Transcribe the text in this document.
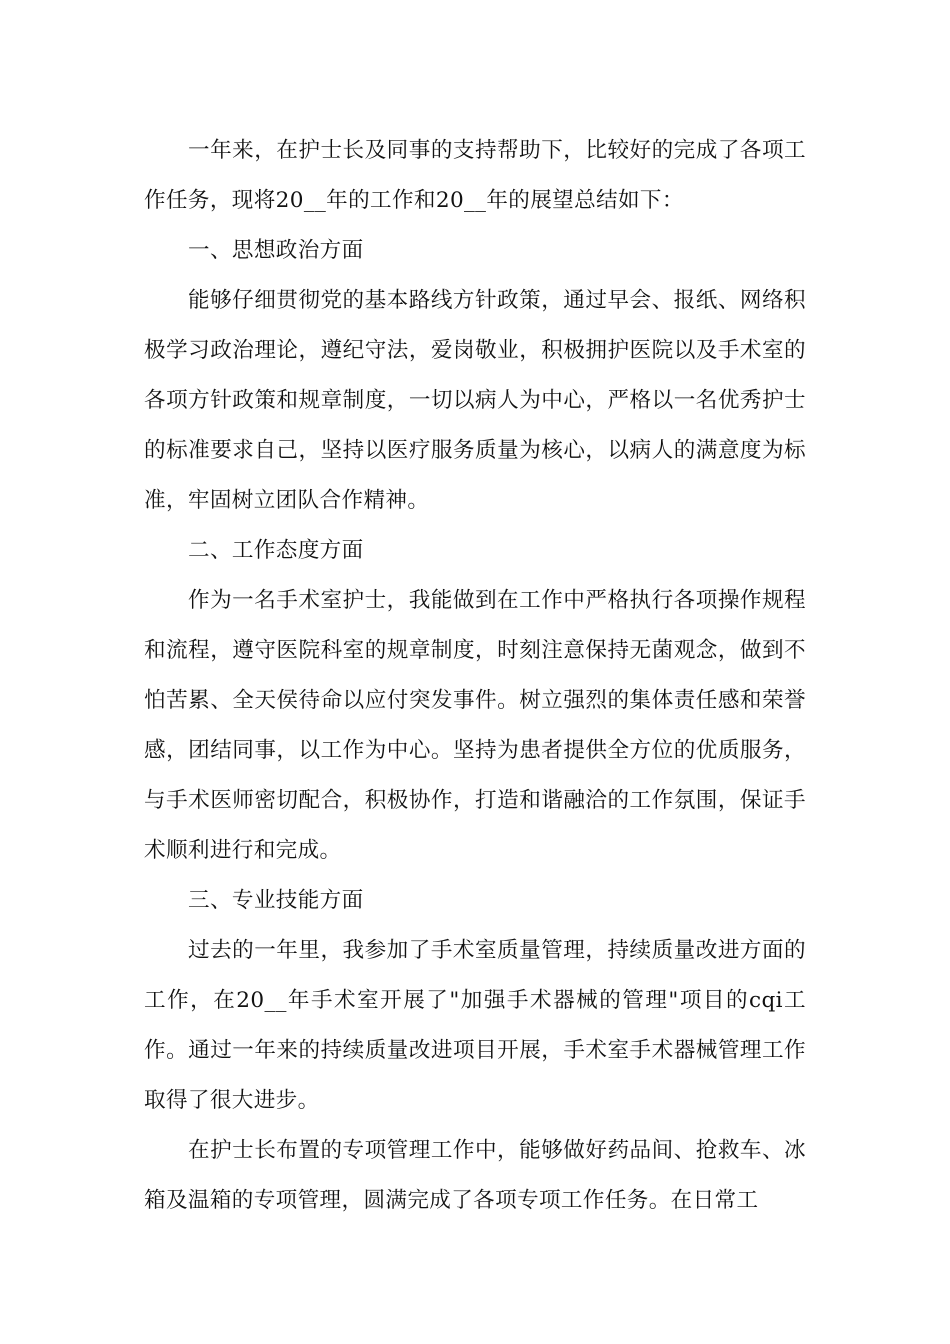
一年来，在护士长及同事的支持帮助下，比较好的完成了各项工作任务，现将20__年的工作和20__年的展望总结如下：

一、思想政治方面

能够仔细贯彻党的基本路线方针政策，通过早会、报纸、网络积极学习政治理论，遵纪守法，爱岗敬业，积极拥护医院以及手术室的各项方针政策和规章制度，一切以病人为中心，严格以一名优秀护士的标准要求自己，坚持以医疗服务质量为核心，以病人的满意度为标准，牢固树立团队合作精神。

二、工作态度方面

作为一名手术室护士，我能做到在工作中严格执行各项操作规程和流程，遵守医院科室的规章制度，时刻注意保持无菌观念，做到不怕苦累、全天侯待命以应付突发事件。树立强烈的集体责任感和荣誉感，团结同事，以工作为中心。坚持为患者提供全方位的优质服务，与手术医师密切配合，积极协作，打造和谐融洽的工作氛围，保证手术顺利进行和完成。

三、专业技能方面

过去的一年里，我参加了手术室质量管理，持续质量改进方面的工作，在20__年手术室开展了"加强手术器械的管理"项目的cqi工作。通过一年来的持续质量改进项目开展，手术室手术器械管理工作取得了很大进步。

在护士长布置的专项管理工作中，能够做好药品间、抢救车、冰箱及温箱的专项管理，圆满完成了各项专项工作任务。在日常工
